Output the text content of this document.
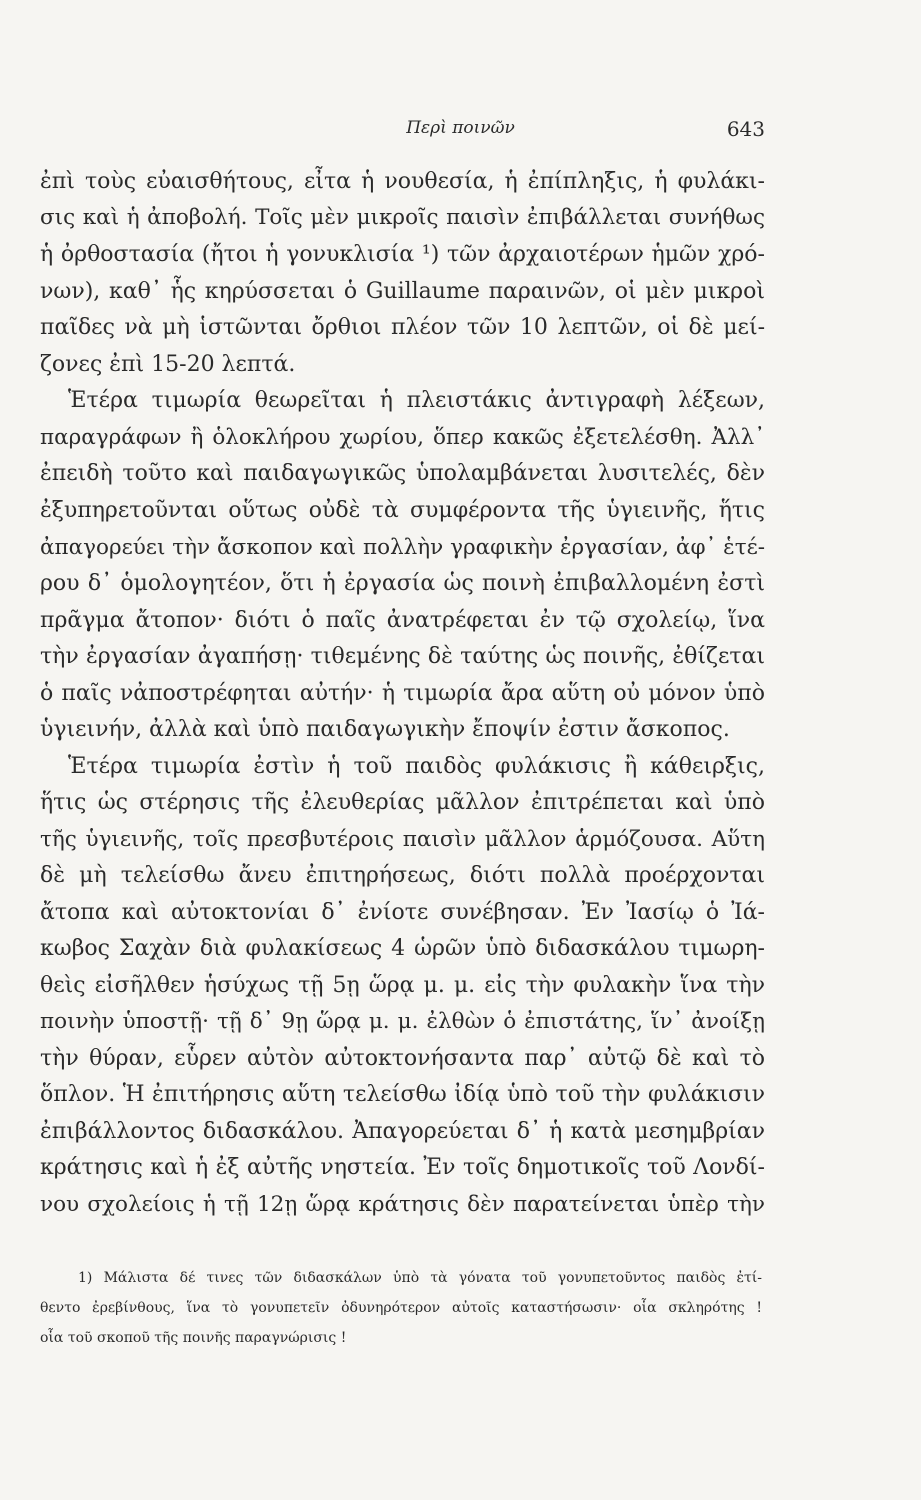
Περὶ ποινῶν	643
ἐπὶ τοὺς εὐαισθήτους, εἶτα ἡ νουθεσία, ἡ ἐπίπληξις, ἡ φυλάκι-
σις καὶ ἡ ἀποβολή. Τοῖς μὲν μικροῖς παισὶν ἐπιβάλλεται συνήθως
ἡ ὀρθοστασία (ἤτοι ἡ γονυκλισία ¹) τῶν ἀρχαιοτέρων ἡμῶν χρό-
νων), καθ᾽ ἧς κηρύσσεται ὁ Guillaume παραινῶν, οἱ μὲν μικροὶ
παῖδες νὰ μὴ ἱστῶνται ὄρθιοι πλέον τῶν 10 λεπτῶν, οἱ δὲ μεί-
ζονες ἐπὶ 15-20 λεπτά.
Ἑτέρα τιμωρία θεωρεῖται ἡ πλειστάκις ἀντιγραφὴ λέξεων,
παραγράφων ἢ ὁλοκλήρου χωρίου, ὅπερ κακῶς ἐξετελέσθη. Ἀλλ᾽
ἐπειδὴ τοῦτο καὶ παιδαγωγικῶς ὑπολαμβάνεται λυσιτελές, δὲν
ἐξυπηρετοῦνται οὕτως οὐδὲ τὰ συμφέροντα τῆς ὑγιεινῆς, ἥτις
ἀπαγορεύει τὴν ἄσκοπον καὶ πολλὴν γραφικὴν ἐργασίαν, ἀφ᾽ ἑτέ-
ρου δ᾽ ὁμολογητέον, ὅτι ἡ ἐργασία ὡς ποινὴ ἐπιβαλλομένη ἐστὶ
πρᾶγμα ἄτοπον· διότι ὁ παῖς ἀνατρέφεται ἐν τῷ σχολείῳ, ἵνα
τὴν ἐργασίαν ἀγαπήσῃ· τιθεμένης δὲ ταύτης ὡς ποινῆς, ἐθίζεται
ὁ παῖς νἀποστρέφηται αὐτήν· ἡ τιμωρία ἄρα αὕτη οὐ μόνον ὑπὸ
ὑγιεινήν, ἀλλὰ καὶ ὑπὸ παιδαγωγικὴν ἔποψίν ἐστιν ἄσκοπος.
Ἑτέρα τιμωρία ἐστὶν ἡ τοῦ παιδὸς φυλάκισις ἢ κάθειρξις,
ἥτις ὡς στέρησις τῆς ἐλευθερίας μᾶλλον ἐπιτρέπεται καὶ ὑπὸ
τῆς ὑγιεινῆς, τοῖς πρεσβυτέροις παισὶν μᾶλλον ἁρμόζουσα. Αὕτη
δὲ μὴ τελείσθω ἄνευ ἐπιτηρήσεως, διότι πολλὰ προέρχονται
ἄτοπα καὶ αὐτοκτονίαι δ᾽ ἐνίοτε συνέβησαν. Ἐν Ἰασίῳ ὁ Ἰά-
κωβος Σαχὰν διὰ φυλακίσεως 4 ὡρῶν ὑπὸ διδασκάλου τιμωρη-
θεὶς εἰσῆλθεν ἡσύχως τῇ 5ῃ ὥρᾳ μ. μ. εἰς τὴν φυλακὴν ἵνα τὴν
ποινὴν ὑποστῇ· τῇ δ᾽ 9ῃ ὥρᾳ μ. μ. ἐλθὼν ὁ ἐπιστάτης, ἵν᾽ ἀνοίξῃ
τὴν θύραν, εὗρεν αὐτὸν αὐτοκτονήσαντα παρ᾽ αὐτῷ δὲ καὶ τὸ
ὅπλον. Ἡ ἐπιτήρησις αὕτη τελείσθω ἰδίᾳ ὑπὸ τοῦ τὴν φυλάκισιν
ἐπιβάλλοντος διδασκάλου. Ἀπαγορεύεται δ᾽ ἡ κατὰ μεσημβρίαν
κράτησις καὶ ἡ ἐξ αὐτῆς νηστεία. Ἐν τοῖς δημοτικοῖς τοῦ Λονδί-
νου σχολείοις ἡ τῇ 12ῃ ὥρᾳ κράτησις δὲν παρατείνεται ὑπὲρ τὴν
1) Μάλιστα δέ τινες τῶν διδασκάλων ὑπὸ τὰ γόνατα τοῦ γονυπετοῦντος παιδὸς ἐτί-
θεντο ἐρεβίνθους, ἵνα τὸ γονυπετεῖν ὀδυνηρότερον αὐτοῖς καταστήσωσιν· οἷα σκληρότης !
οἷα τοῦ σκοποῦ τῆς ποινῆς παραγνώρισις !
